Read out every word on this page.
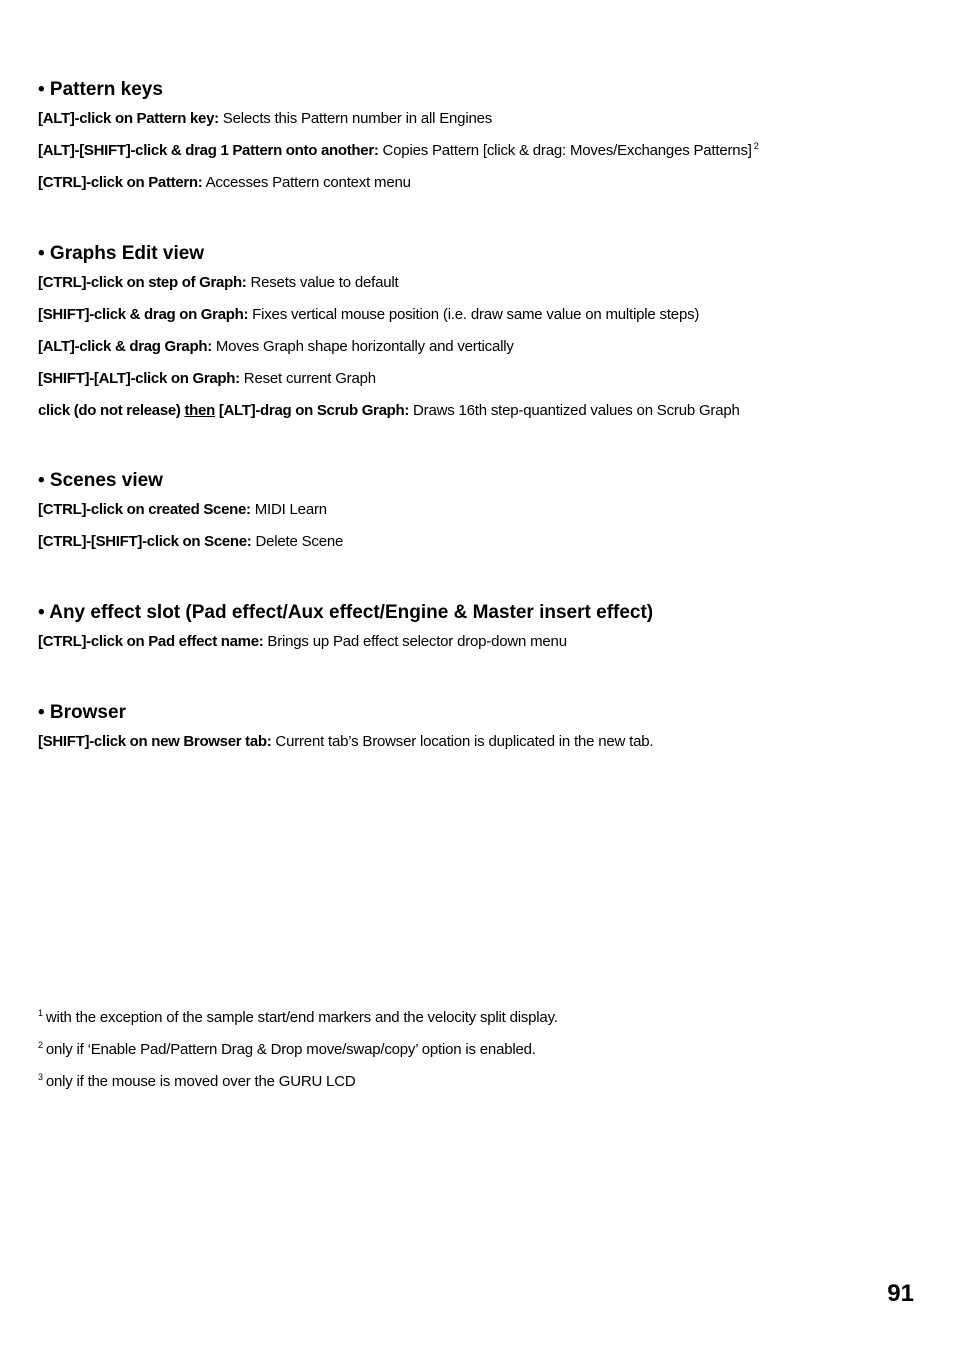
• Pattern keys
[ALT]-click on Pattern key: Selects this Pattern number in all Engines
[ALT]-[SHIFT]-click & drag 1 Pattern onto another: Copies Pattern [click & drag: Moves/Exchanges Patterns] $^2$
[CTRL]-click on Pattern: Accesses Pattern context menu
• Graphs Edit view
[CTRL]-click on step of Graph: Resets value to default
[SHIFT]-click & drag on Graph: Fixes vertical mouse position (i.e. draw same value on multiple steps)
[ALT]-click & drag Graph: Moves Graph shape horizontally and vertically
[SHIFT]-[ALT]-click on Graph: Reset current Graph
click (do not release) then [ALT]-drag on Scrub Graph: Draws 16th step-quantized values on Scrub Graph
• Scenes view
[CTRL]-click on created Scene: MIDI Learn
[CTRL]-[SHIFT]-click on Scene: Delete Scene
• Any effect slot (Pad effect/Aux effect/Engine & Master insert effect)
[CTRL]-click on Pad effect name: Brings up Pad effect selector drop-down menu
• Browser
[SHIFT]-click on new Browser tab: Current tab’s Browser location is duplicated in the new tab.
$^1$ with the exception of the sample start/end markers and the velocity split display.
$^2$ only if ‘Enable Pad/Pattern Drag & Drop move/swap/copy’ option is enabled.
$^3$ only if the mouse is moved over the GURU LCD
91
